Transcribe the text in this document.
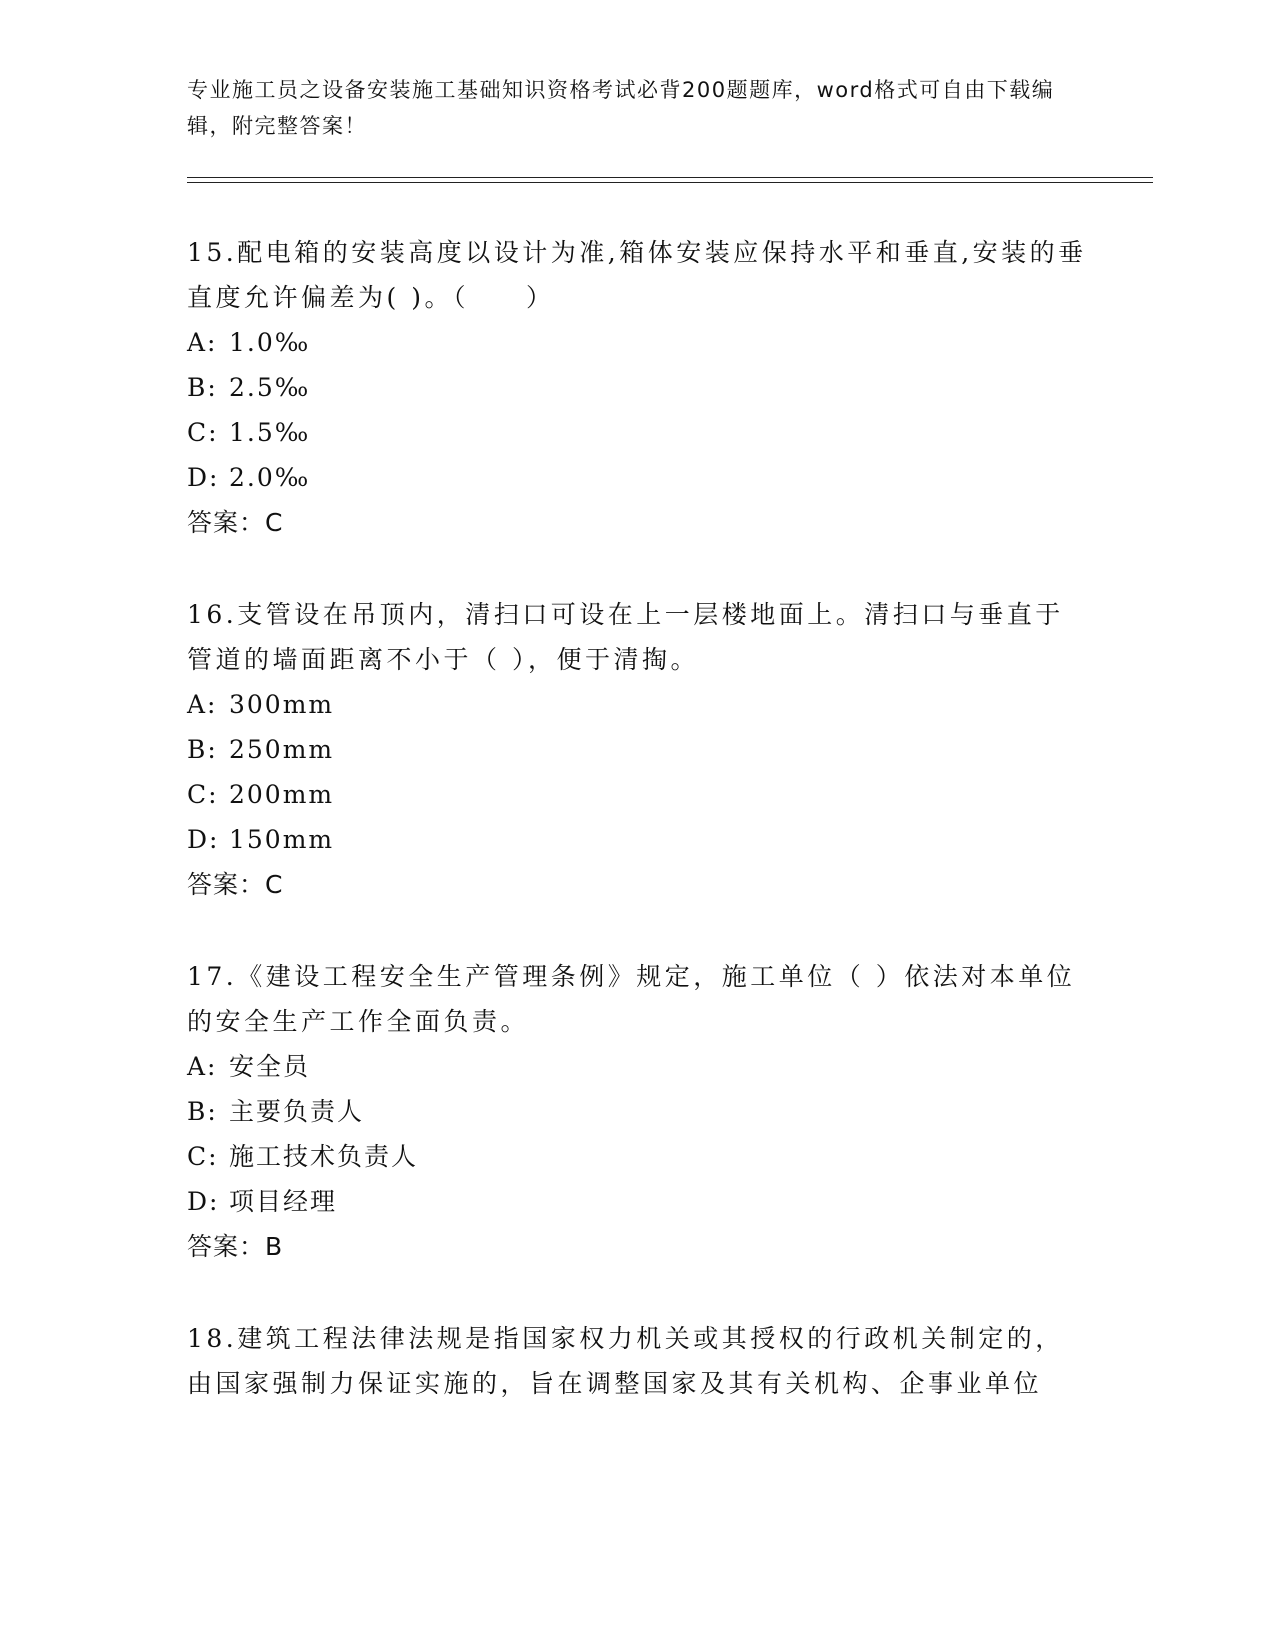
专业施工员之设备安装施工基础知识资格考试必背200题题库，word格式可自由下载编辑，附完整答案！

15.配电箱的安装高度以设计为准,箱体安装应保持水平和垂直,安装的垂直度允许偏差为( )。（　　）

A: 1.0‰

B: 2.5‰

C: 1.5‰

D: 2.0‰

答案：C

16.支管设在吊顶内，清扫口可设在上一层楼地面上。清扫口与垂直于管道的墙面距离不小于（ ），便于清掏。

A: 300mm

B: 250mm

C: 200mm

D: 150mm

答案：C

17.《建设工程安全生产管理条例》规定，施工单位（ ）依法对本单位的安全生产工作全面负责。

A: 安全员

B: 主要负责人

C: 施工技术负责人

D: 项目经理

答案：B

18.建筑工程法律法规是指国家权力机关或其授权的行政机关制定的，由国家强制力保证实施的，旨在调整国家及其有关机构、企事业单位
